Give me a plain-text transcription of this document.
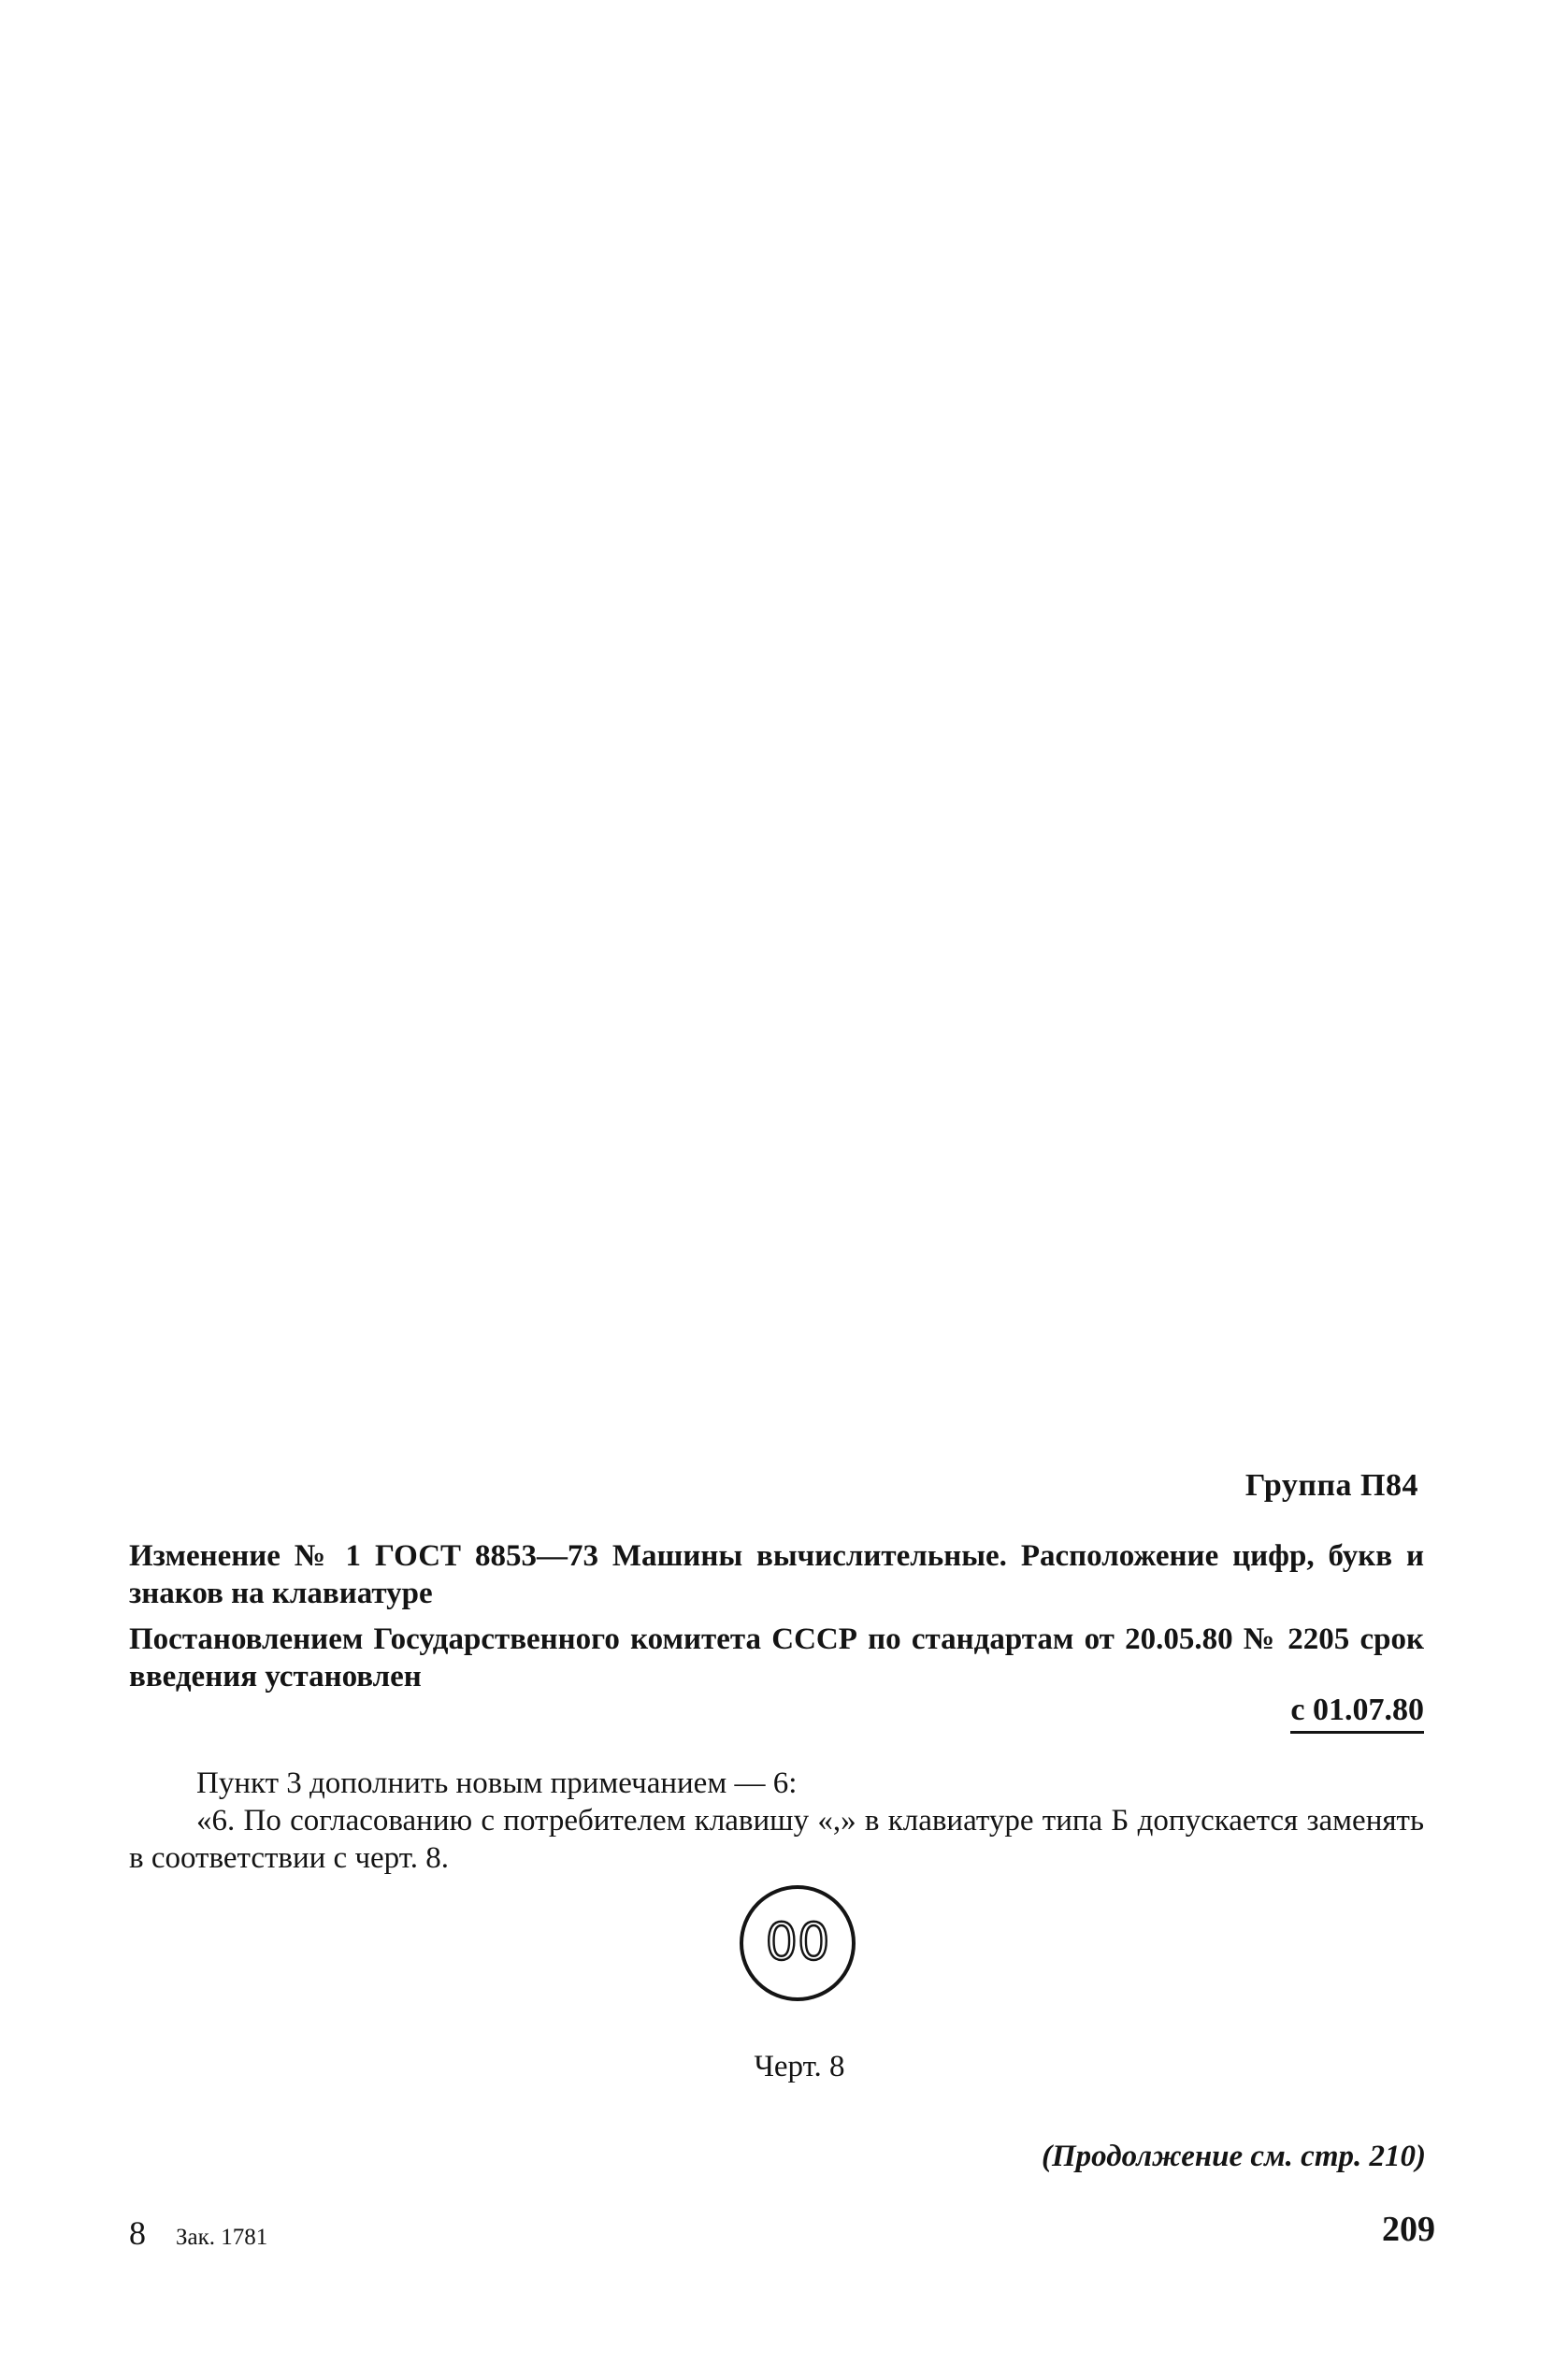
Группа П84
Изменение № 1 ГОСТ 8853—73 Машины вычислительные. Расположение цифр, букв и знаков на клавиатуре
Постановлением Государственного комитета СССР по стандартам от 20.05.80 № 2205 срок введения установлен
с 01.07.80

Пункт 3 дополнить новым примечанием — 6:

«6. По согласованию с потребителем клавишу «,» в клавиатуре типа Б допускается заменять в соответствии с черт. 8.

00
Черт. 8
(Продолжение см. стр. 210)
8 Зак. 1781	209
